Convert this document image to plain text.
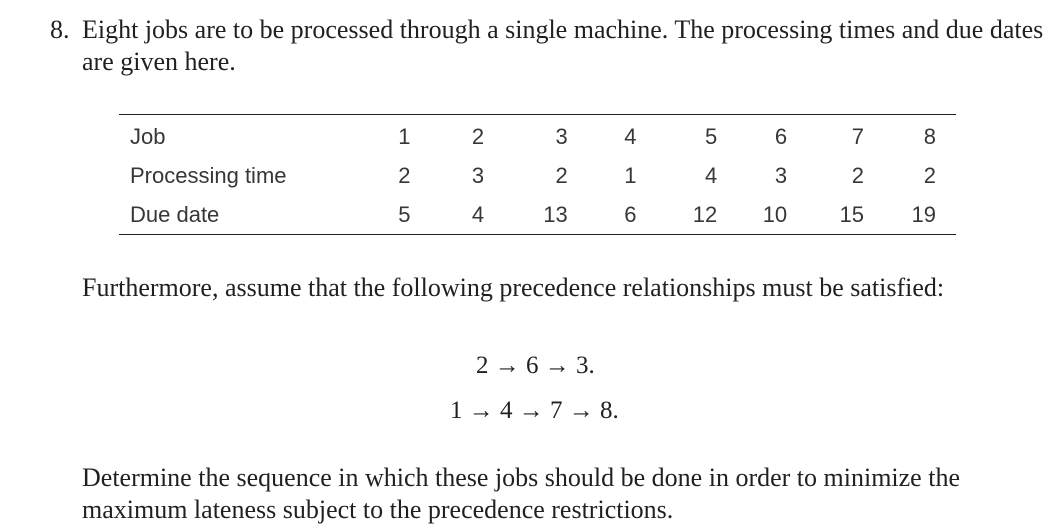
8. Eight jobs are to be processed through a single machine. The processing times and due dates are given here.
Job	1	2	3	4	5	6	7	8
Processing time	2	3	2	1	4	3	2	2
Due date	5	4	13	6	12	10	15	19
Furthermore, assume that the following precedence relationships must be satisfied:
2 → 6 → 3.
1 → 4 → 7 → 8.
Determine the sequence in which these jobs should be done in order to minimize the maximum lateness subject to the precedence restrictions.
